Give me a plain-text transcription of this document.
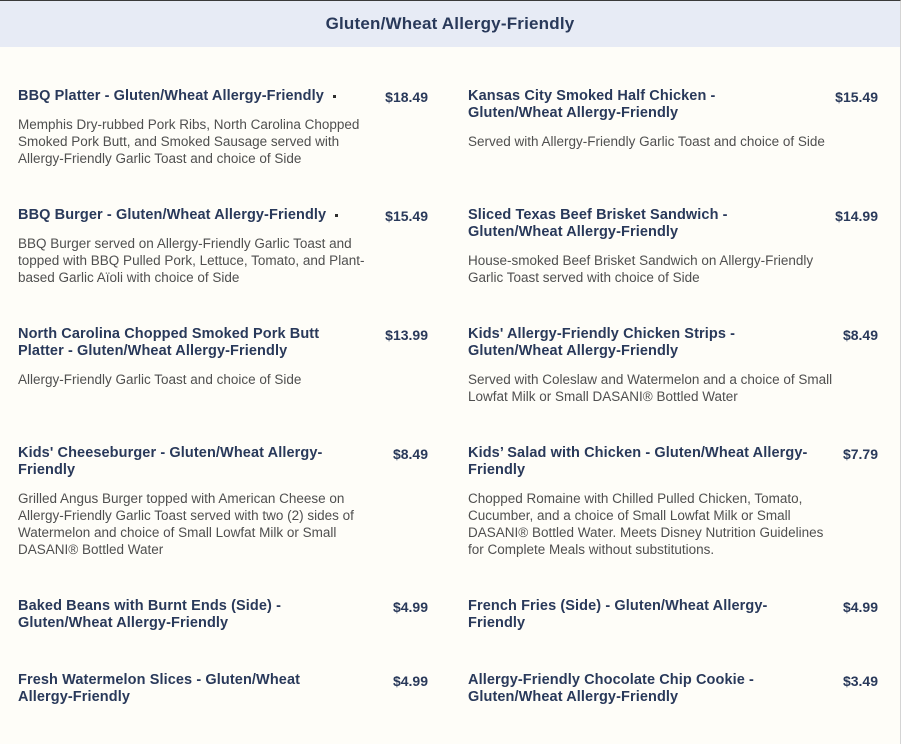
Gluten/Wheat Allergy-Friendly
BBQ Platter - Gluten/Wheat Allergy-Friendly	$18.49
Memphis Dry-rubbed Pork Ribs, North Carolina Chopped Smoked Pork Butt, and Smoked Sausage served with Allergy-Friendly Garlic Toast and choice of Side
Kansas City Smoked Half Chicken - Gluten/Wheat Allergy-Friendly
$15.49
Served with Allergy-Friendly Garlic Toast and choice of Side
BBQ Burger - Gluten/Wheat Allergy-Friendly	$15.49
BBQ Burger served on Allergy-Friendly Garlic Toast and topped with BBQ Pulled Pork, Lettuce, Tomato, and Plant-based Garlic Aïoli with choice of Side
Sliced Texas Beef Brisket Sandwich - Gluten/Wheat Allergy-Friendly
$14.99
House-smoked Beef Brisket Sandwich on Allergy-Friendly Garlic Toast served with choice of Side
North Carolina Chopped Smoked Pork Butt Platter - Gluten/Wheat Allergy-Friendly
$13.99
Allergy-Friendly Garlic Toast and choice of Side
Kids' Allergy-Friendly Chicken Strips - Gluten/Wheat Allergy-Friendly
$8.49
Served with Coleslaw and Watermelon and a choice of Small Lowfat Milk or Small DASANI® Bottled Water
Kids' Cheeseburger - Gluten/Wheat Allergy-Friendly
$8.49
Grilled Angus Burger topped with American Cheese on Allergy-Friendly Garlic Toast served with two (2) sides of Watermelon and choice of Small Lowfat Milk or Small DASANI® Bottled Water
Kids’ Salad with Chicken - Gluten/Wheat Allergy-Friendly
$7.79
Chopped Romaine with Chilled Pulled Chicken, Tomato, Cucumber, and a choice of Small Lowfat Milk or Small DASANI® Bottled Water. Meets Disney Nutrition Guidelines for Complete Meals without substitutions.
Baked Beans with Burnt Ends (Side) - Gluten/Wheat Allergy-Friendly
$4.99	French Fries (Side) - Gluten/Wheat Allergy-Friendly
$4.99
Fresh Watermelon Slices - Gluten/Wheat Allergy-Friendly
$4.99	Allergy-Friendly Chocolate Chip Cookie - Gluten/Wheat Allergy-Friendly
$3.49
